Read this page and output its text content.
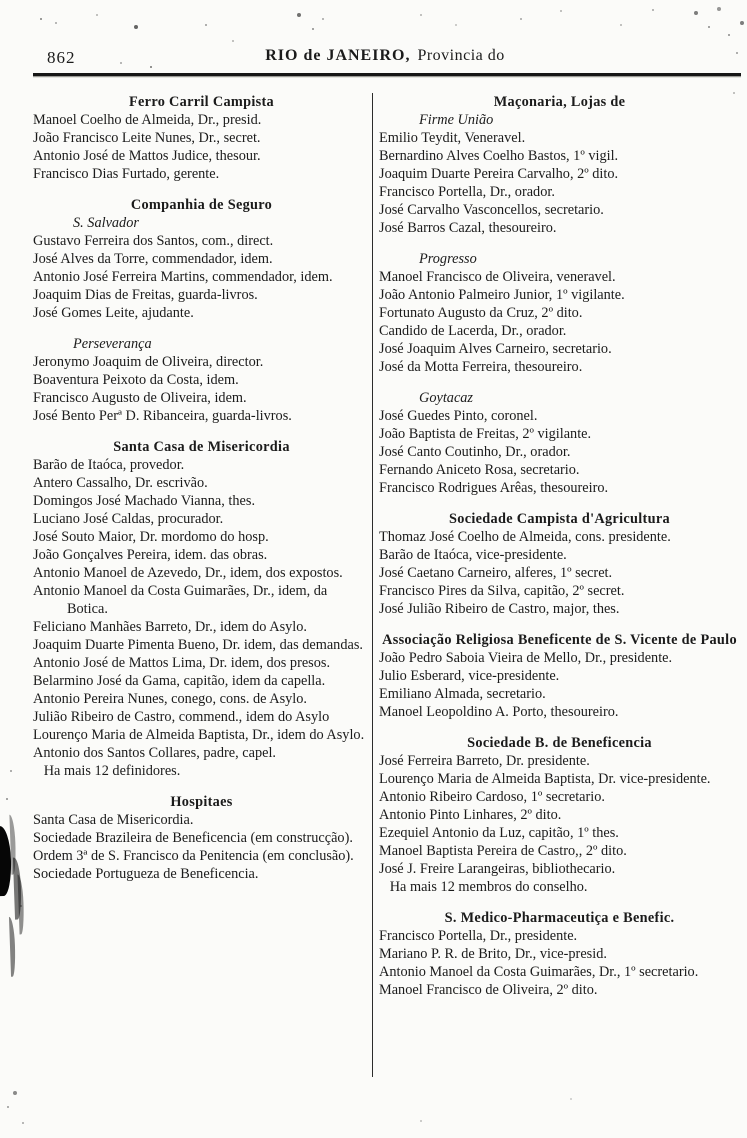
862	RIO de JANEIRO, Provincia do
Ferro Carril Campista
Manoel Coelho de Almeida, Dr., presid.
João Francisco Leite Nunes, Dr., secret.
Antonio José de Mattos Judice, thesour.
Francisco Dias Furtado, gerente.
Companhia de Seguro
S. Salvador
Gustavo Ferreira dos Santos, com., direct.
José Alves da Torre, commendador, idem.
Antonio José Ferreira Martins, commendador, idem.
Joaquim Dias de Freitas, guarda-livros.
José Gomes Leite, ajudante.
Perseverança
Jeronymo Joaquim de Oliveira, director.
Boaventura Peixoto da Costa, idem.
Francisco Augusto de Oliveira, idem.
José Bento Perª D. Ribanceira, guarda-livros.
Santa Casa de Misericordia
Barão de Itaóca, provedor.
Antero Cassalho, Dr. escrivão.
Domingos José Machado Vianna, thes.
Luciano José Caldas, procurador.
José Souto Maior, Dr. mordomo do hosp.
João Gonçalves Pereira, idem. das obras.
Antonio Manoel de Azevedo, Dr., idem, dos expostos.
Antonio Manoel da Costa Guimarães, Dr., idem, da Botica.
Feliciano Manhães Barreto, Dr., idem do Asylo.
Joaquim Duarte Pimenta Bueno, Dr. idem, das demandas.
Antonio José de Mattos Lima, Dr. idem, dos presos.
Belarmino José da Gama, capitão, idem da capella.
Antonio Pereira Nunes, conego, cons. de Asylo.
Julião Ribeiro de Castro, commend., idem do Asylo
Lourenço Maria de Almeida Baptista, Dr., idem do Asylo.
Antonio dos Santos Collares, padre, capel.
Ha mais 12 definidores.
Hospitaes
Santa Casa de Misericordia.
Sociedade Brazileira de Beneficencia (em construcção).
Ordem 3ª de S. Francisco da Penitencia (em conclusão).
Sociedade Portugueza de Beneficencia.
Maçonaria, Lojas de
Firme União
Emilio Teydit, Veneravel.
Bernardino Alves Coelho Bastos, 1º vigil.
Joaquim Duarte Pereira Carvalho, 2º dito.
Francisco Portella, Dr., orador.
José Carvalho Vasconcellos, secretario.
José Barros Cazal, thesoureiro.
Progresso
Manoel Francisco de Oliveira, veneravel.
João Antonio Palmeiro Junior, 1º vigilante.
Fortunato Augusto da Cruz, 2º dito.
Candido de Lacerda, Dr., orador.
José Joaquim Alves Carneiro, secretario.
José da Motta Ferreira, thesoureiro.
Goytacaz
José Guedes Pinto, coronel.
João Baptista de Freitas, 2º vigilante.
José Canto Coutinho, Dr., orador.
Fernando Aniceto Rosa, secretario.
Francisco Rodrigues Arêas, thesoureiro.
Sociedade Campista d'Agricultura
Thomaz José Coelho de Almeida, cons. presidente.
Barão de Itaóca, vice-presidente.
José Caetano Carneiro, alferes, 1º secret.
Francisco Pires da Silva, capitão, 2º secret.
José Julião Ribeiro de Castro, major, thes.
Associação Religiosa Beneficente de S. Vicente de Paulo
João Pedro Saboia Vieira de Mello, Dr., presidente.
Julio Esberard, vice-presidente.
Emiliano Almada, secretario.
Manoel Leopoldino A. Porto, thesoureiro.
Sociedade B. de Beneficencia
José Ferreira Barreto, Dr. presidente.
Lourenço Maria de Almeida Baptista, Dr. vice-presidente.
Antonio Ribeiro Cardoso, 1º secretario.
Antonio Pinto Linhares, 2º dito.
Ezequiel Antonio da Luz, capitão, 1º thes.
Manoel Baptista Pereira de Castro,, 2º dito.
José J. Freire Larangeiras, bibliothecario.
Ha mais 12 membros do conselho.
S. Medico-Pharmaceutiça e Benefic.
Francisco Portella, Dr., presidente.
Mariano P. R. de Brito, Dr., vice-presid.
Antonio Manoel da Costa Guimarães, Dr., 1º secretario.
Manoel Francisco de Oliveira, 2º dito.
